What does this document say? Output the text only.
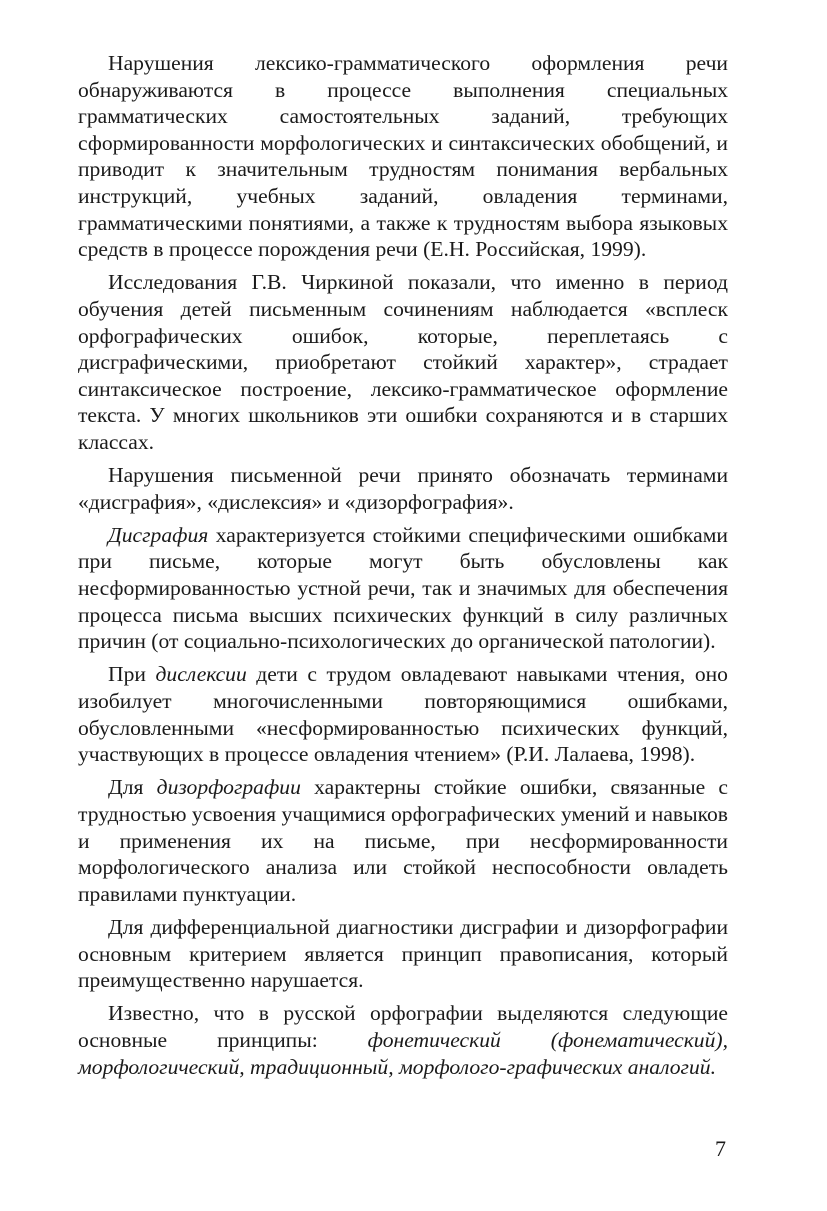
Нарушения лексико-грамматического оформления речи обнаруживаются в процессе выполнения специальных грамматических самостоятельных заданий, требующих сформированности морфологических и синтаксических обобщений, и приводит к значительным трудностям понимания вербальных инструкций, учебных заданий, овладения терминами, грамматическими понятиями, а также к трудностям выбора языковых средств в процессе порождения речи (Е.Н. Российская, 1999).

Исследования Г.В. Чиркиной показали, что именно в период обучения детей письменным сочинениям наблюдается «всплеск орфографических ошибок, которые, переплетаясь с дисграфическими, приобретают стойкий характер», страдает синтаксическое построение, лексико-грамматическое оформление текста. У многих школьников эти ошибки сохраняются и в старших классах.

Нарушения письменной речи принято обозначать терминами «дисграфия», «дислексия» и «дизорфография».

Дисграфия характеризуется стойкими специфическими ошибками при письме, которые могут быть обусловлены как несформированностью устной речи, так и значимых для обеспечения процесса письма высших психических функций в силу различных причин (от социально-психологических до органической патологии).

При дислексии дети с трудом овладевают навыками чтения, оно изобилует многочисленными повторяющимися ошибками, обусловленными «несформированностью психических функций, участвующих в процессе овладения чтением» (Р.И. Лалаева, 1998).

Для дизорфографии характерны стойкие ошибки, связанные с трудностью усвоения учащимися орфографических умений и навыков и применения их на письме, при несформированности морфологического анализа или стойкой неспособности овладеть правилами пунктуации.

Для дифференциальной диагностики дисграфии и дизорфографии основным критерием является принцип правописания, который преимущественно нарушается.

Известно, что в русской орфографии выделяются следующие основные принципы: фонетический (фонематический), морфологический, традиционный, морфолого-графических аналогий.

7
